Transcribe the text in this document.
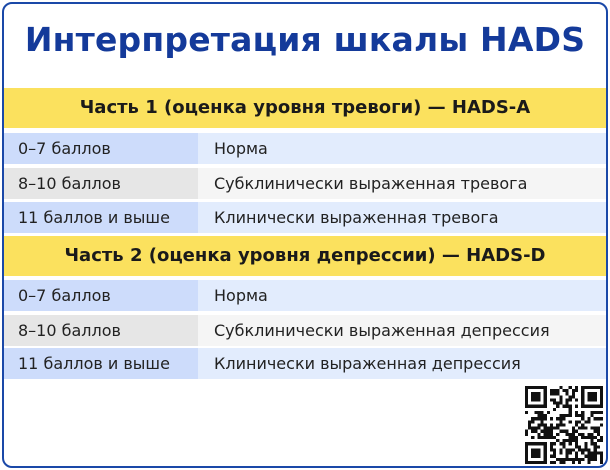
Интерпретация шкалы HADS
Часть 1 (оценка уровня тревоги) — HADS-A
0–7 баллов	Норма
8–10 баллов	Субклинически выраженная тревога
11 баллов и выше	Клинически выраженная тревога
Часть 2 (оценка уровня депрессии) — HADS-D
0–7 баллов	Норма
8–10 баллов	Субклинически выраженная депрессия
11 баллов и выше	Клинически выраженная депрессия
